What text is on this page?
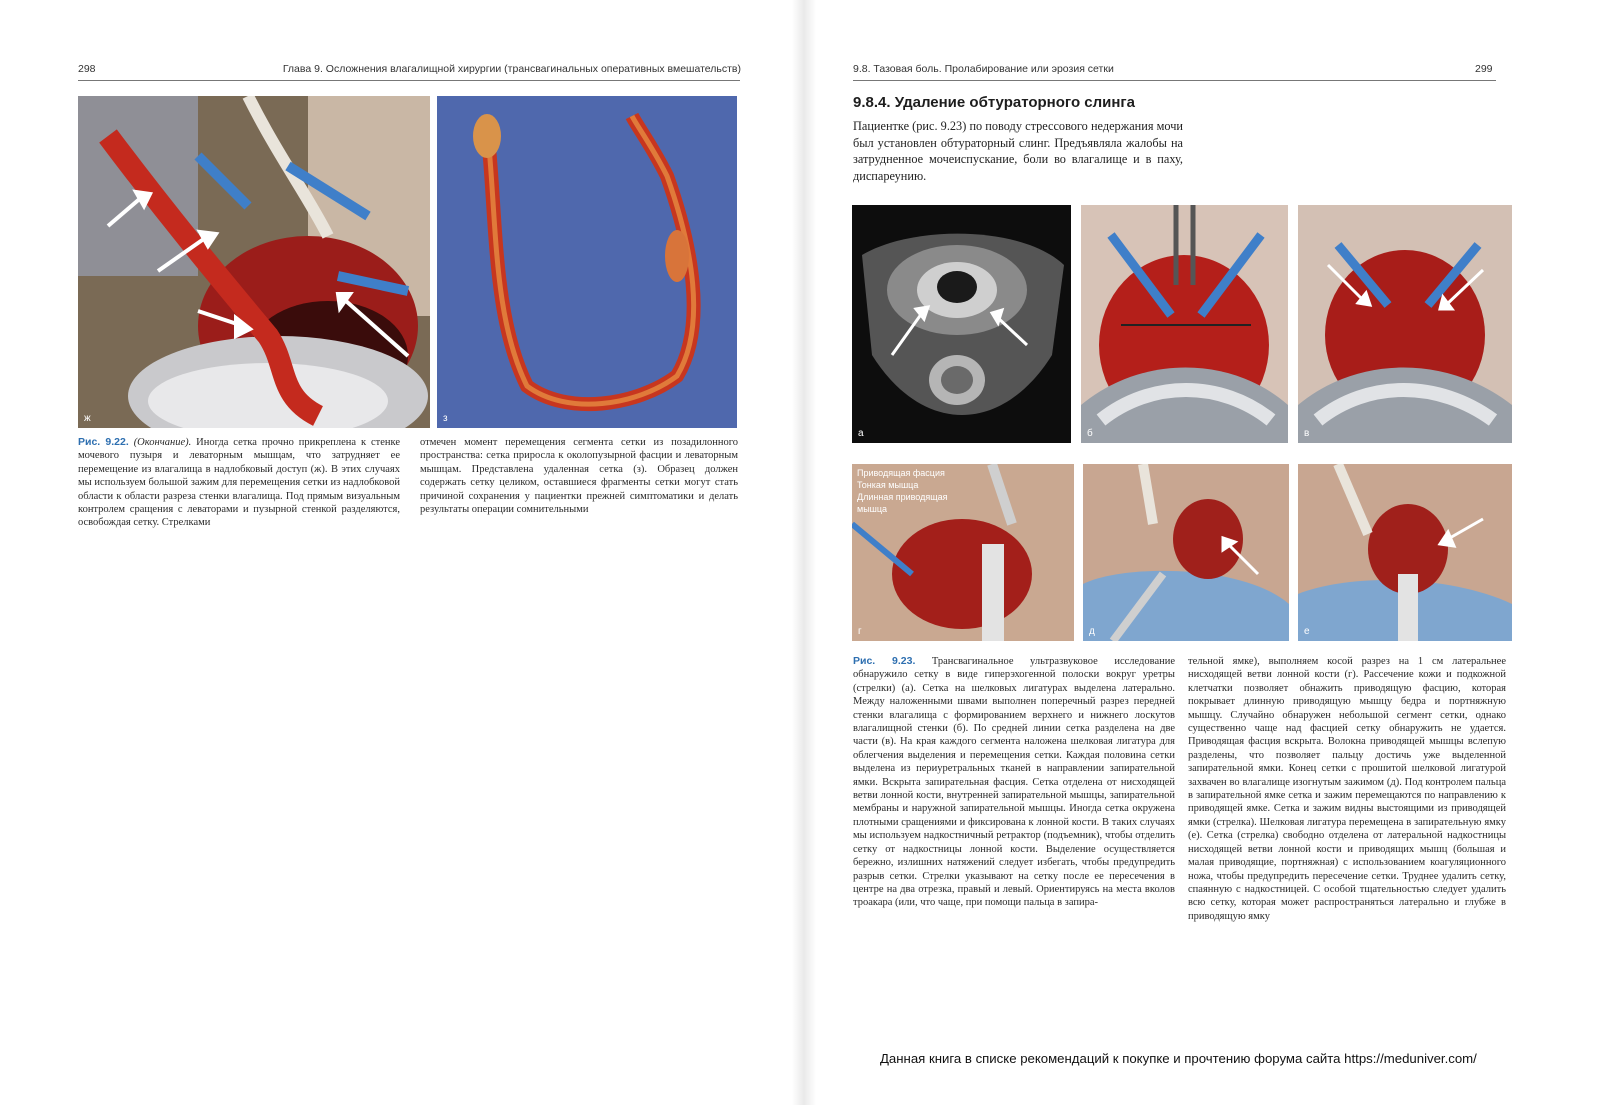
298	Глава 9. Осложнения влагалищной хирургии (трансвагинальных оперативных вмешательств)
ж	з
Рис. 9.22. (Окончание). Иногда сетка прочно прикреплена к стенке мочевого пузыря и леваторным мышцам, что затрудняет ее перемещение из влагалища в надлобковый доступ (ж). В этих случаях мы используем большой зажим для перемещения сетки из надлобковой области к области разреза стенки влагалища. Под прямым визуальным контролем сращения с леваторами и пузырной стенкой разделяются, освобождая сетку. Стрелками
отмечен момент перемещения сегмента сетки из позадилонного пространства: сетка приросла к околопузырной фасции и леваторным мышцам. Представлена удаленная сетка (з). Образец должен содержать сетку целиком, оставшиеся фрагменты сетки могут стать причиной сохранения у пациентки прежней симптоматики и делать результаты операции сомнительными
9.8. Тазовая боль. Пролабирование или эрозия сетки	299
9.8.4. Удаление обтураторного слинга
Пациентке (рис. 9.23) по поводу стрессового недержания мочи был установлен обтураторный слинг. Предъявляла жалобы на затрудненное мочеиспускание, боли во влагалище и в паху, диспареунию.
а	б	в
Приводящая фасция
Тонкая мышца
Длинная приводящая
мышца
г	д	е
Рис. 9.23. Трансвагинальное ультразвуковое исследование обнаружило сетку в виде гиперэхогенной полоски вокруг уретры (стрелки) (а). Сетка на шелковых лигатурах выделена латерально. Между наложенными швами выполнен поперечный разрез передней стенки влагалища с формированием верхнего и нижнего лоскутов влагалищной стенки (б). По средней линии сетка разделена на две части (в). На края каждого сегмента наложена шелковая лигатура для облегчения выделения и перемещения сетки. Каждая половина сетки выделена из периуретральных тканей в направлении запирательной ямки. Вскрыта запирательная фасция. Сетка отделена от нисходящей ветви лонной кости, внутренней запирательной мышцы, запирательной мембраны и наружной запирательной мышцы. Иногда сетка окружена плотными сращениями и фиксирована к лонной кости. В таких случаях мы используем надкостничный ретрактор (подъемник), чтобы отделить сетку от надкостницы лонной кости. Выделение осуществляется бережно, излишних натяжений следует избегать, чтобы предупредить разрыв сетки. Стрелки указывают на сетку после ее пересечения в центре на два отрезка, правый и левый. Ориентируясь на места вколов троакара (или, что чаще, при помощи пальца в запира-
тельной ямке), выполняем косой разрез на 1 см латеральнее нисходящей ветви лонной кости (г). Рассечение кожи и подкожной клетчатки позволяет обнажить приводящую фасцию, которая покрывает длинную приводящую мышцу бедра и портняжную мышцу. Случайно обнаружен небольшой сегмент сетки, однако существенно чаще над фасцией сетку обнаружить не удается. Приводящая фасция вскрыта. Волокна приводящей мышцы вслепую разделены, что позволяет пальцу достичь уже выделенной запирательной ямки. Конец сетки с прошитой шелковой лигатурой захвачен во влагалище изогнутым зажимом (д). Под контролем пальца в запирательной ямке сетка и зажим перемещаются по направлению к приводящей ямке. Сетка и зажим видны выстоящими из приводящей ямки (стрелка). Шелковая лигатура перемещена в запирательную ямку (е). Сетка (стрелка) свободно отделена от латеральной надкостницы нисходящей ветви лонной кости и приводящих мышц (большая и малая приводящие, портняжная) с использованием коагуляционного ножа, чтобы предупредить пересечение сетки. Труднее удалить сетку, спаянную с надкостницей. С особой тщательностью следует удалить всю сетку, которая может распространяться латерально и глубже в приводящую ямку
Данная книга в списке рекомендаций к покупке и прочтению форума сайта https://meduniver.com/
